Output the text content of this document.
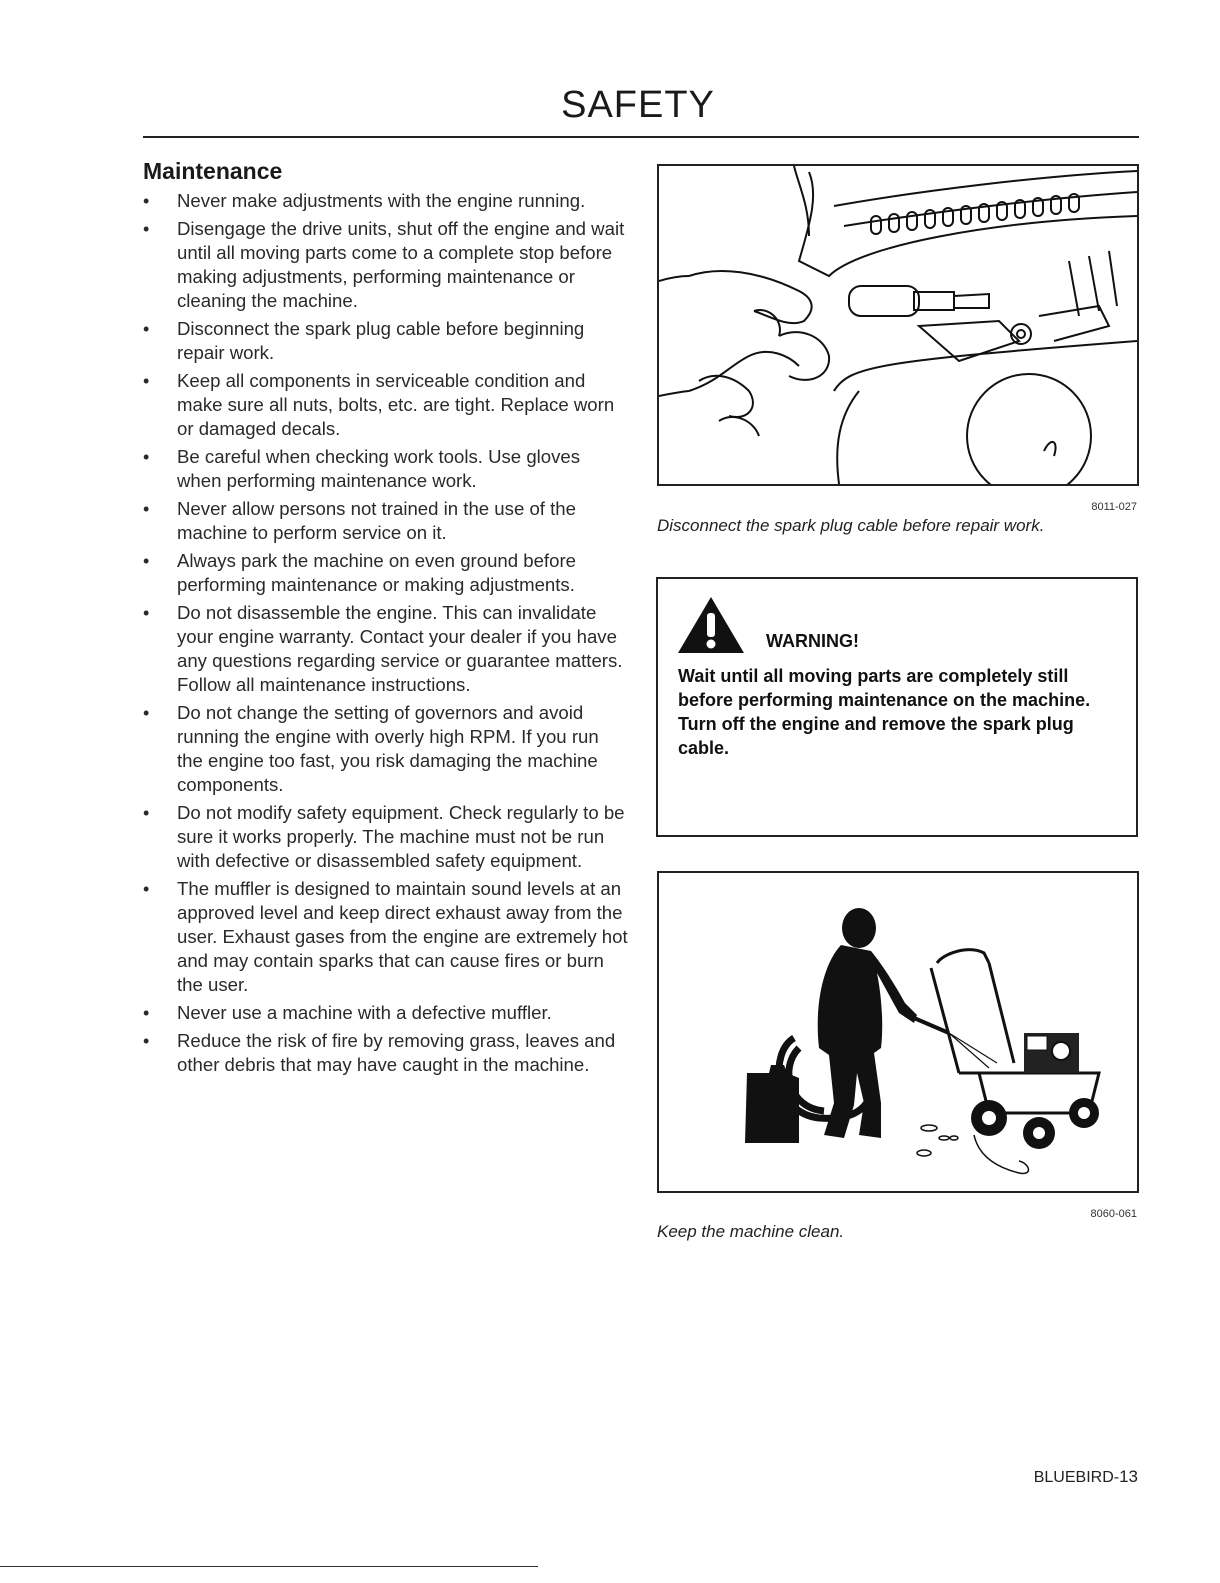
SAFETY
Maintenance
•	Never make adjustments with the engine running.
•	Disengage the drive units, shut off the engine and wait until all moving parts come to a complete stop before making adjustments, performing maintenance or cleaning the machine.
•	Disconnect the spark plug cable before beginning repair work.
•	Keep all components in serviceable condition and make sure all nuts, bolts, etc. are tight. Replace worn or damaged decals.
•	Be careful when checking work tools. Use gloves when performing maintenance work.
•	Never allow persons not trained in the use of the machine to perform service on it.
•	Always park the machine on even ground before performing maintenance or making adjustments.
•	Do not disassemble the engine. This can invalidate your engine warranty. Contact your dealer if you have any questions regarding service or guarantee matters. Follow all maintenance instructions.
•	Do not change the setting of governors and avoid running the engine with overly high RPM. If you run the engine too fast, you risk damaging the machine components.
•	Do not modify safety equipment. Check regularly to be sure it works properly. The machine must not be run with defective or disassembled safety equipment.
•	The muffler is designed to maintain sound levels at an approved level and keep direct exhaust away from the user. Exhaust gases from the engine are extremely hot and may contain sparks that can cause fires or burn the user.
•	Never use a machine with a defective muffler.
•	Reduce the risk of fire by removing grass, leaves and other debris that may have caught in the machine.
8011-027
Disconnect the spark plug cable before repair work.
WARNING!

Wait until all moving parts are completely still before performing maintenance on the machine.

Turn off the engine and remove the spark plug cable.

8060-061
Keep the machine clean.
BLUEBIRD-13
